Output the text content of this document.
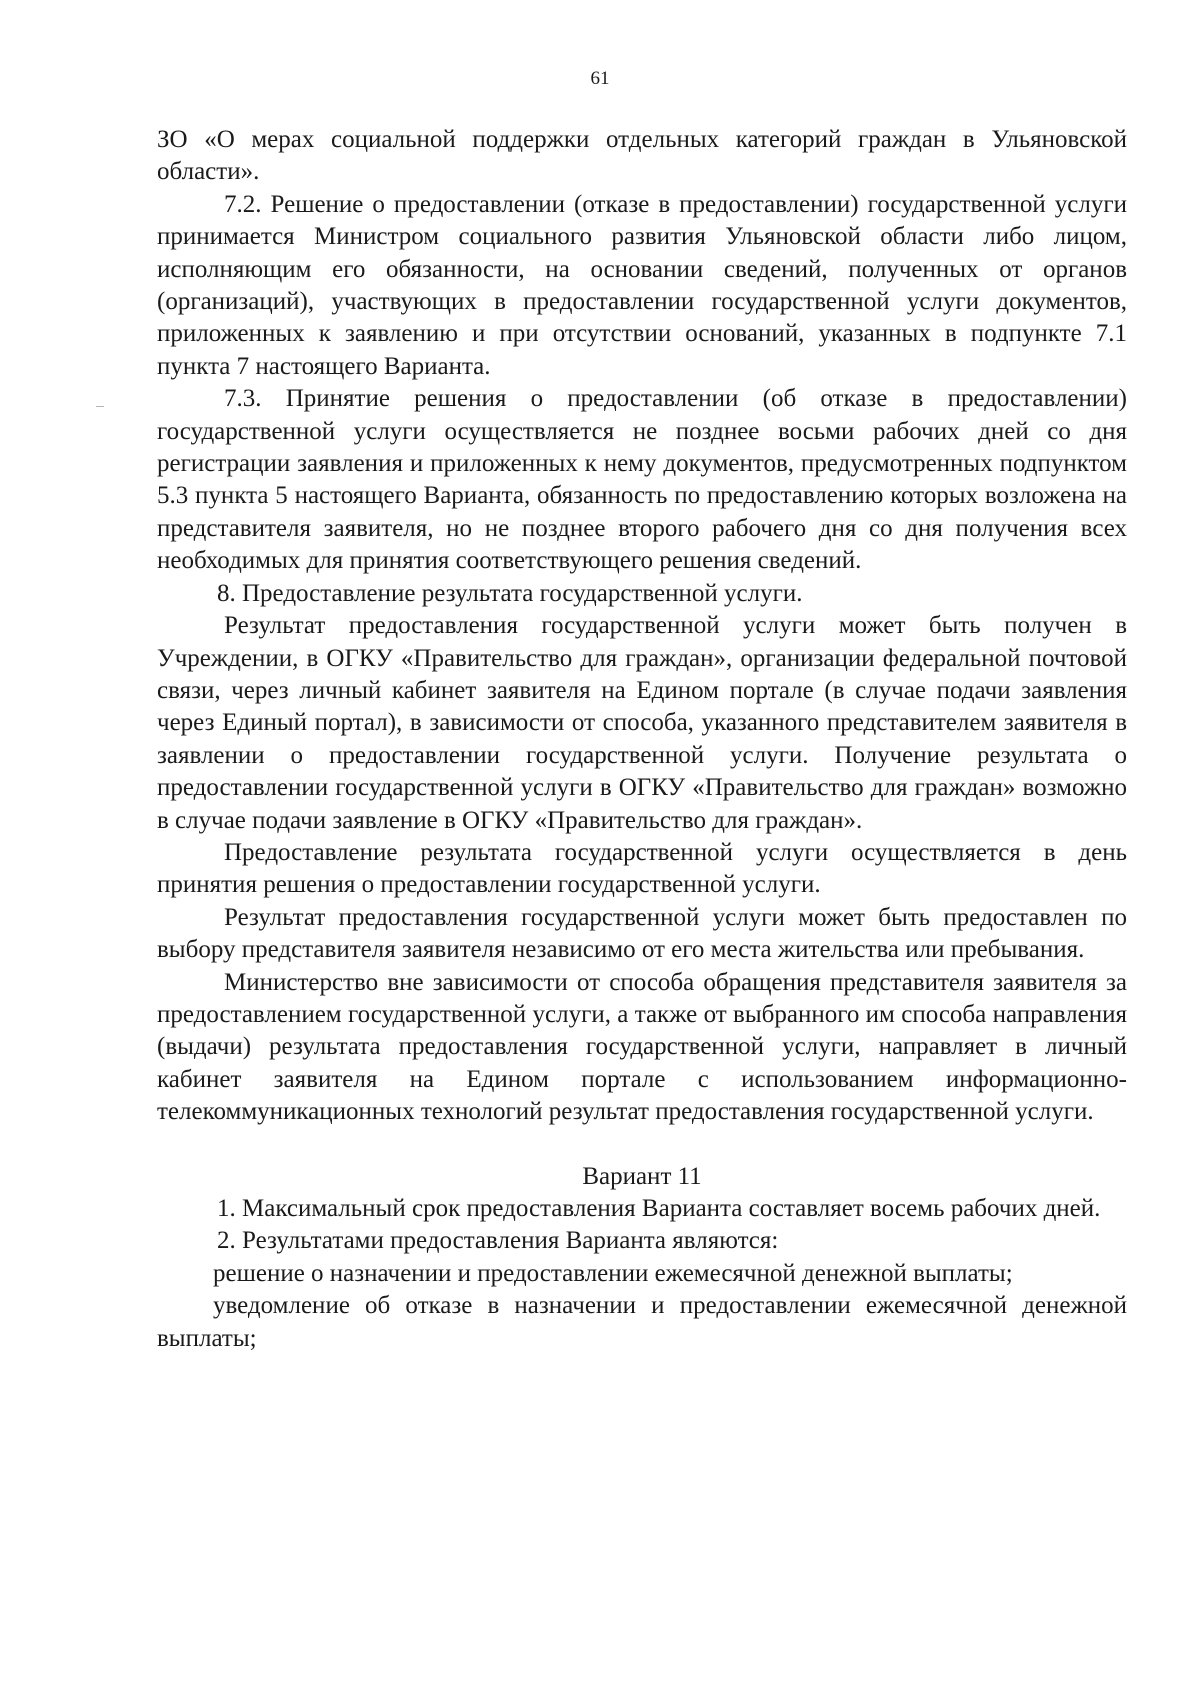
61

ЗО «О мерах социальной поддержки отдельных категорий граждан в Ульяновской области».

7.2. Решение о предоставлении (отказе в предоставлении) государственной услуги принимается Министром социального развития Ульяновской области либо лицом, исполняющим его обязанности, на основании сведений, полученных от органов (организаций), участвующих в предоставлении государственной услуги документов, приложенных к заявлению и при отсутствии оснований, указанных в подпункте 7.1 пункта 7 настоящего Варианта.

7.3. Принятие решения о предоставлении (об отказе в предоставлении) государственной услуги осуществляется не позднее восьми рабочих дней со дня регистрации заявления и приложенных к нему документов, предусмотренных подпунктом 5.3 пункта 5 настоящего Варианта, обязанность по предоставлению которых возложена на представителя заявителя, но не позднее второго рабочего дня со дня получения всех необходимых для принятия соответствующего решения сведений.

8. Предоставление результата государственной услуги.

Результат предоставления государственной услуги может быть получен в Учреждении, в ОГКУ «Правительство для граждан», организации федеральной почтовой связи, через личный кабинет заявителя на Едином портале (в случае подачи заявления через Единый портал), в зависимости от способа, указанного представителем заявителя в заявлении о предоставлении государственной услуги. Получение результата о предоставлении государственной услуги в ОГКУ «Правительство для граждан» возможно в случае подачи заявление в ОГКУ «Правительство для граждан».

Предоставление результата государственной услуги осуществляется в день принятия решения о предоставлении государственной услуги.

Результат предоставления государственной услуги может быть предоставлен по выбору представителя заявителя независимо от его места жительства или пребывания.

Министерство вне зависимости от способа обращения представителя заявителя за предоставлением государственной услуги, а также от выбранного им способа направления (выдачи) результата предоставления государственной услуги, направляет в личный кабинет заявителя на Едином портале с использованием информационно-телекоммуникационных технологий результат предоставления государственной услуги.

Вариант 11

1. Максимальный срок предоставления Варианта составляет восемь рабочих дней.

2. Результатами предоставления Варианта являются:

решение о назначении и предоставлении ежемесячной денежной выплаты;

уведомление об отказе в назначении и предоставлении ежемесячной денежной выплаты;
